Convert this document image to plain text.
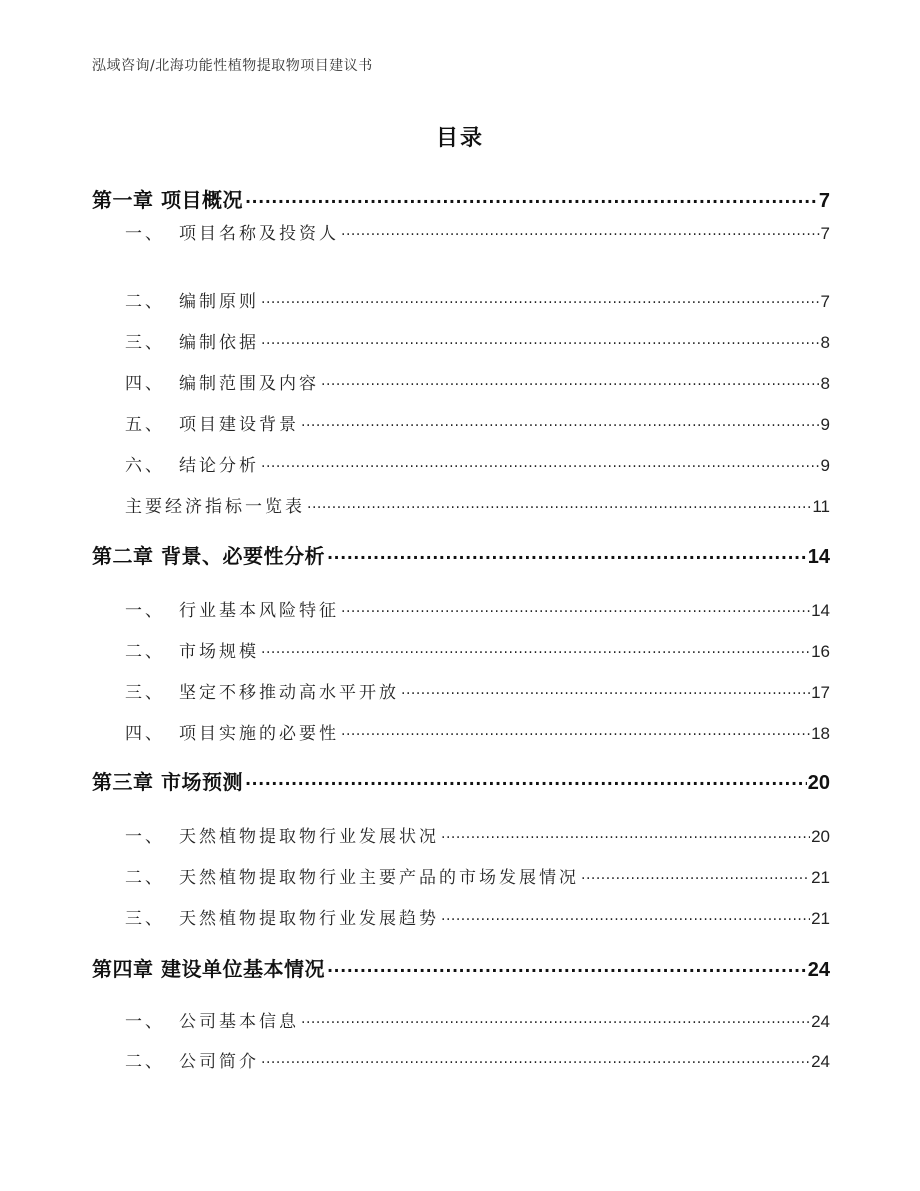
泓域咨询/北海功能性植物提取物项目建议书
目录
第一章 项目概况 .....	7
一、 项目名称及投资人 .....	7
二、 编制原则 .....	7
三、 编制依据 .....	8
四、 编制范围及内容 .....	8
五、 项目建设背景 .....	9
六、 结论分析 .....	9
主要经济指标一览表 .....	11
第二章 背景、必要性分析 .....	14
一、 行业基本风险特征 .....	14
二、 市场规模 .....	16
三、 坚定不移推动高水平开放 .....	17
四、 项目实施的必要性 .....	18
第三章 市场预测 .....	20
一、 天然植物提取物行业发展状况 .....	20
二、 天然植物提取物行业主要产品的市场发展情况 .....	21
三、 天然植物提取物行业发展趋势 .....	21
第四章 建设单位基本情况 .....	24
一、 公司基本信息 .....	24
二、 公司简介 .....	24
